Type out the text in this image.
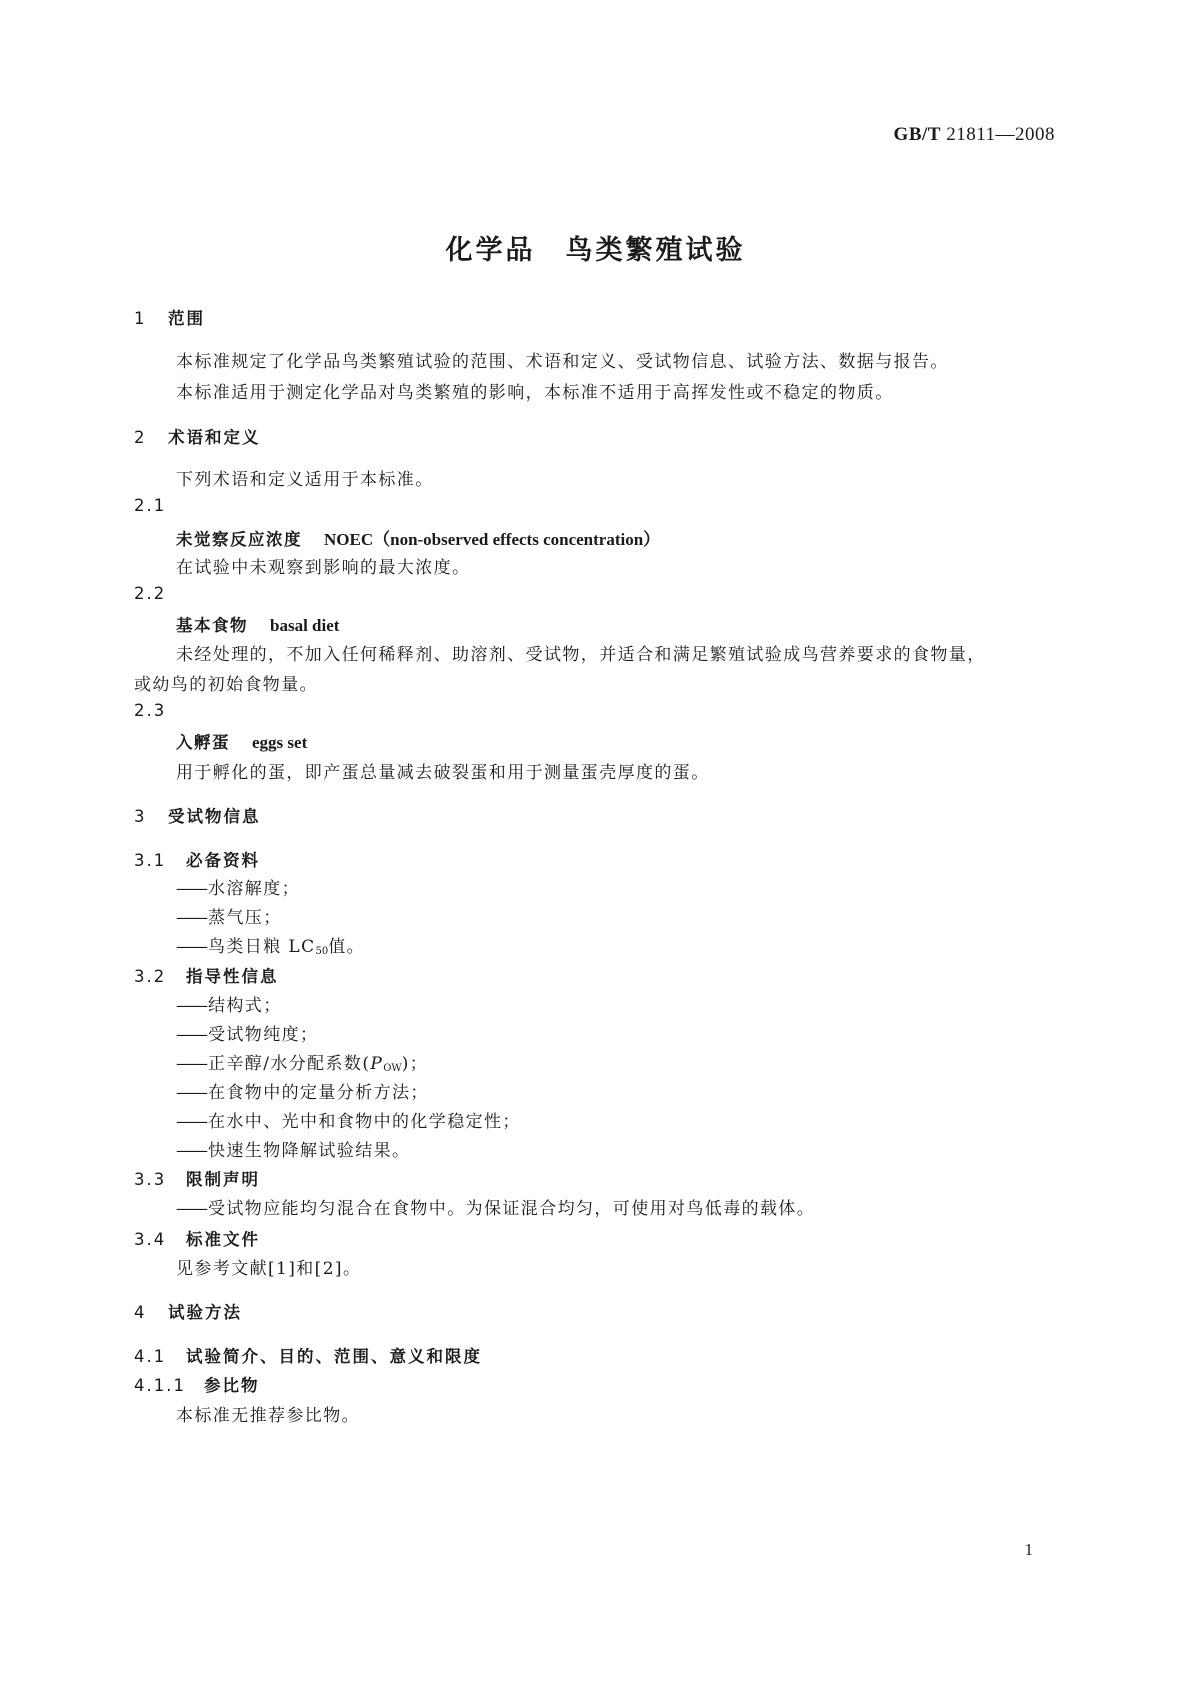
GB/T 21811—2008
化学品　鸟类繁殖试验
1 范围
本标准规定了化学品鸟类繁殖试验的范围、术语和定义、受试物信息、试验方法、数据与报告。
本标准适用于测定化学品对鸟类繁殖的影响，本标准不适用于高挥发性或不稳定的物质。
2 术语和定义
下列术语和定义适用于本标准。
2.1
未觉察反应浓度 NOEC（non-observed effects concentration）
在试验中未观察到影响的最大浓度。
2.2
基本食物 basal diet
未经处理的，不加入任何稀释剂、助溶剂、受试物，并适合和满足繁殖试验成鸟营养要求的食物量，
或幼鸟的初始食物量。
2.3
入孵蛋 eggs set
用于孵化的蛋，即产蛋总量减去破裂蛋和用于测量蛋壳厚度的蛋。
3 受试物信息
3.1 必备资料
—— 水溶解度；
—— 蒸气压；
—— 鸟类日粮 $LC_{50}$值。
3.2 指导性信息
—— 结构式；
—— 受试物纯度；
—— 正辛醇/水分配系数$(P_{OW})$；
—— 在食物中的定量分析方法；
—— 在水中、光中和食物中的化学稳定性；
—— 快速生物降解试验结果。
3.3 限制声明
—— 受试物应能均匀混合在食物中。为保证混合均匀，可使用对鸟低毒的载体。
3.4 标准文件
见参考文献[1]和[2]。
4 试验方法
4.1 试验简介、目的、范围、意义和限度
4.1.1 参比物
本标准无推荐参比物。
1
